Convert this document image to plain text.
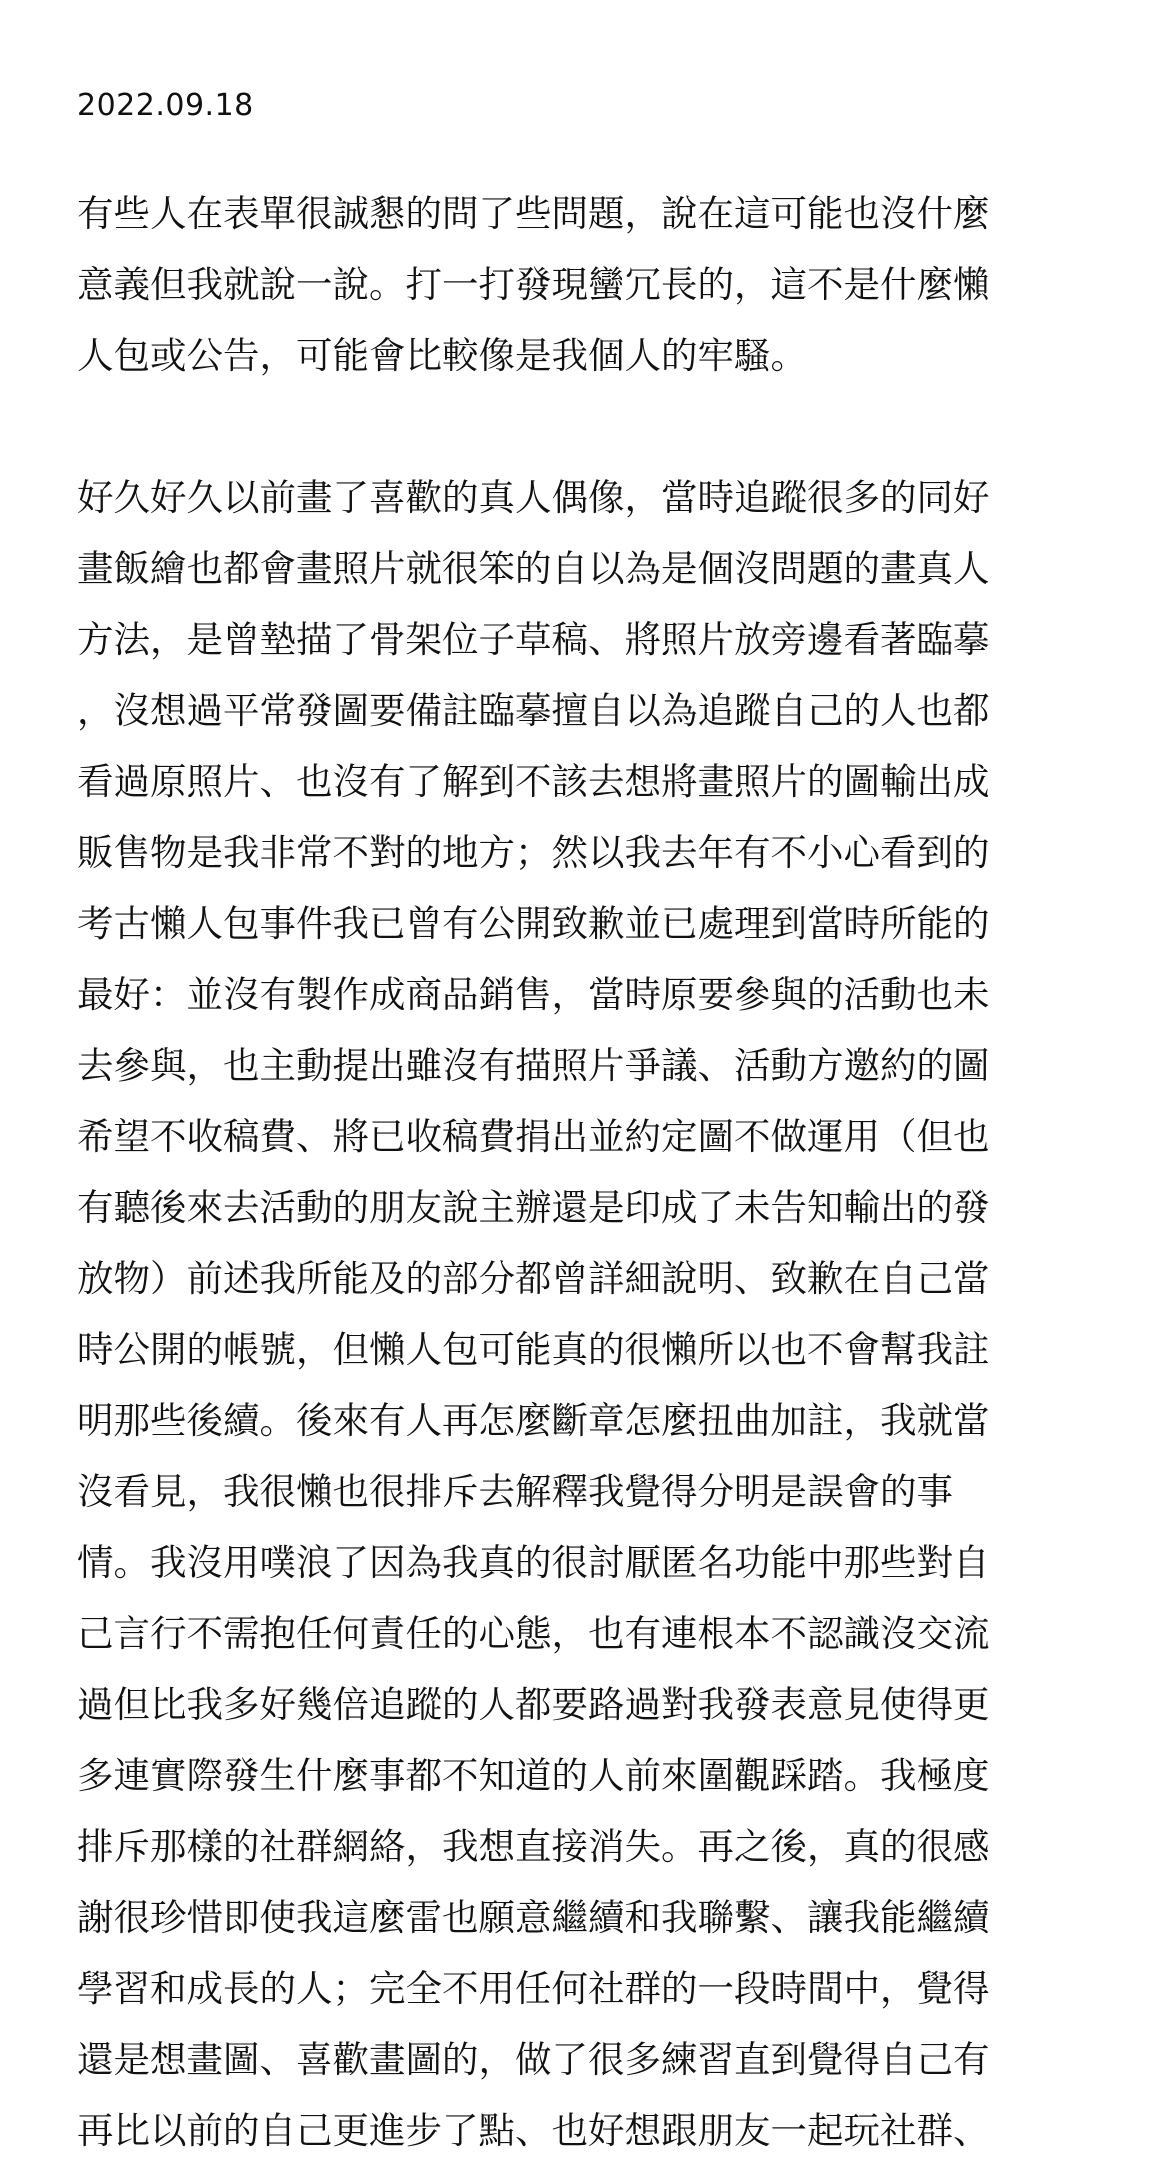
2022.09.18
有些人在表單很誠懇的問了些問題，說在這可能也沒什麼
意義但我就說一說。打一打發現蠻冗長的，這不是什麼懶
人包或公告，可能會比較像是我個人的牢騷。
好久好久以前畫了喜歡的真人偶像，當時追蹤很多的同好
畫飯繪也都會畫照片就很笨的自以為是個沒問題的畫真人
方法，是曾墊描了骨架位子草稿、將照片放旁邊看著臨摹
，沒想過平常發圖要備註臨摹擅自以為追蹤自己的人也都
看過原照片、也沒有了解到不該去想將畫照片的圖輸出成
販售物是我非常不對的地方；然以我去年有不小心看到的
考古懶人包事件我已曾有公開致歉並已處理到當時所能的
最好：並沒有製作成商品銷售，當時原要參與的活動也未
去參與，也主動提出雖沒有描照片爭議、活動方邀約的圖
希望不收稿費、將已收稿費捐出並約定圖不做運用（但也
有聽後來去活動的朋友說主辦還是印成了未告知輸出的發
放物）前述我所能及的部分都曾詳細說明、致歉在自己當
時公開的帳號，但懶人包可能真的很懶所以也不會幫我註
明那些後續。後來有人再怎麼斷章怎麼扭曲加註，我就當
沒看見，我很懶也很排斥去解釋我覺得分明是誤會的事
情。我沒用噗浪了因為我真的很討厭匿名功能中那些對自
己言行不需抱任何責任的心態，也有連根本不認識沒交流
過但比我多好幾倍追蹤的人都要路過對我發表意見使得更
多連實際發生什麼事都不知道的人前來圍觀踩踏。我極度
排斥那樣的社群網絡，我想直接消失。再之後，真的很感
謝很珍惜即使我這麼雷也願意繼續和我聯繫、讓我能繼續
學習和成長的人；完全不用任何社群的一段時間中，覺得
還是想畫圖、喜歡畫圖的，做了很多練習直到覺得自己有
再比以前的自己更進步了點、也好想跟朋友一起玩社群、
